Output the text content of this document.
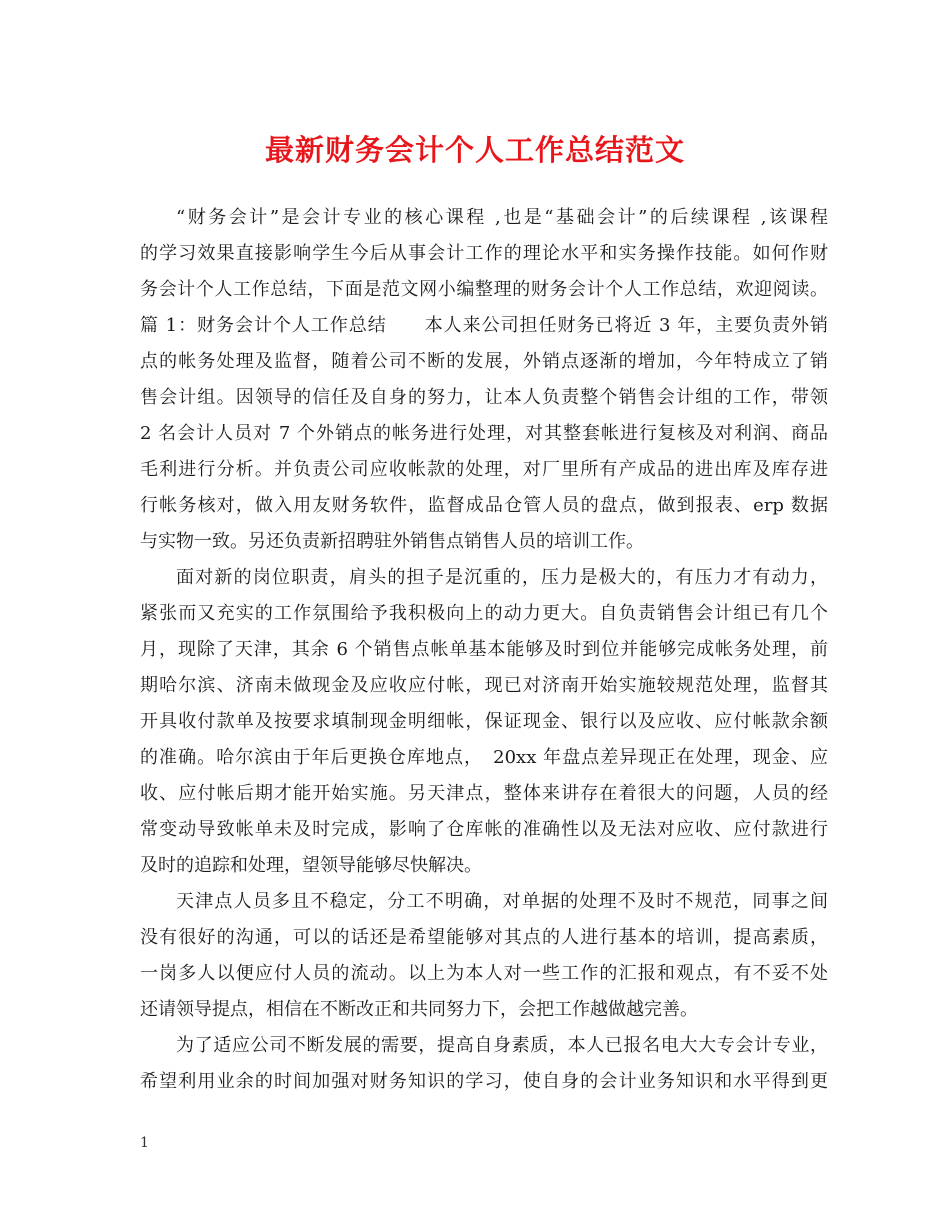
最新财务会计个人工作总结范文
“财务会计”是会计专业的核心课程 ,也是“基础会计”的后续课程 ,该课程
的学习效果直接影响学生今后从事会计工作的理论水平和实务操作技能。如何作财
务会计个人工作总结，下面是范文网小编整理的财务会计个人工作总结，欢迎阅读。
篇 1：财务会计个人工作总结　　本人来公司担任财务已将近 3 年，主要负责外销
点的帐务处理及监督，随着公司不断的发展，外销点逐渐的增加，今年特成立了销
售会计组。因领导的信任及自身的努力，让本人负责整个销售会计组的工作，带领
2 名会计人员对 7 个外销点的帐务进行处理，对其整套帐进行复核及对利润、商品
毛利进行分析。并负责公司应收帐款的处理，对厂里所有产成品的进出库及库存进
行帐务核对，做入用友财务软件，监督成品仓管人员的盘点，做到报表、erp 数据
与实物一致。另还负责新招聘驻外销售点销售人员的培训工作。
面对新的岗位职责，肩头的担子是沉重的，压力是极大的，有压力才有动力，
紧张而又充实的工作氛围给予我积极向上的动力更大。自负责销售会计组已有几个
月，现除了天津，其余 6 个销售点帐单基本能够及时到位并能够完成帐务处理，前
期哈尔滨、济南未做现金及应收应付帐，现已对济南开始实施较规范处理，监督其
开具收付款单及按要求填制现金明细帐，保证现金、银行以及应收、应付帐款余额
的准确。哈尔滨由于年后更换仓库地点，　20xx 年盘点差异现正在处理，现金、应
收、应付帐后期才能开始实施。另天津点，整体来讲存在着很大的问题，人员的经
常变动导致帐单未及时完成，影响了仓库帐的准确性以及无法对应收、应付款进行
及时的追踪和处理，望领导能够尽快解决。
天津点人员多且不稳定，分工不明确，对单据的处理不及时不规范，同事之间
没有很好的沟通，可以的话还是希望能够对其点的人进行基本的培训，提高素质，
一岗多人以便应付人员的流动。以上为本人对一些工作的汇报和观点，有不妥不处
还请领导提点，相信在不断改正和共同努力下，会把工作越做越完善。
为了适应公司不断发展的需要，提高自身素质，本人已报名电大大专会计专业，
希望利用业余的时间加强对财务知识的学习，使自身的会计业务知识和水平得到更
1
